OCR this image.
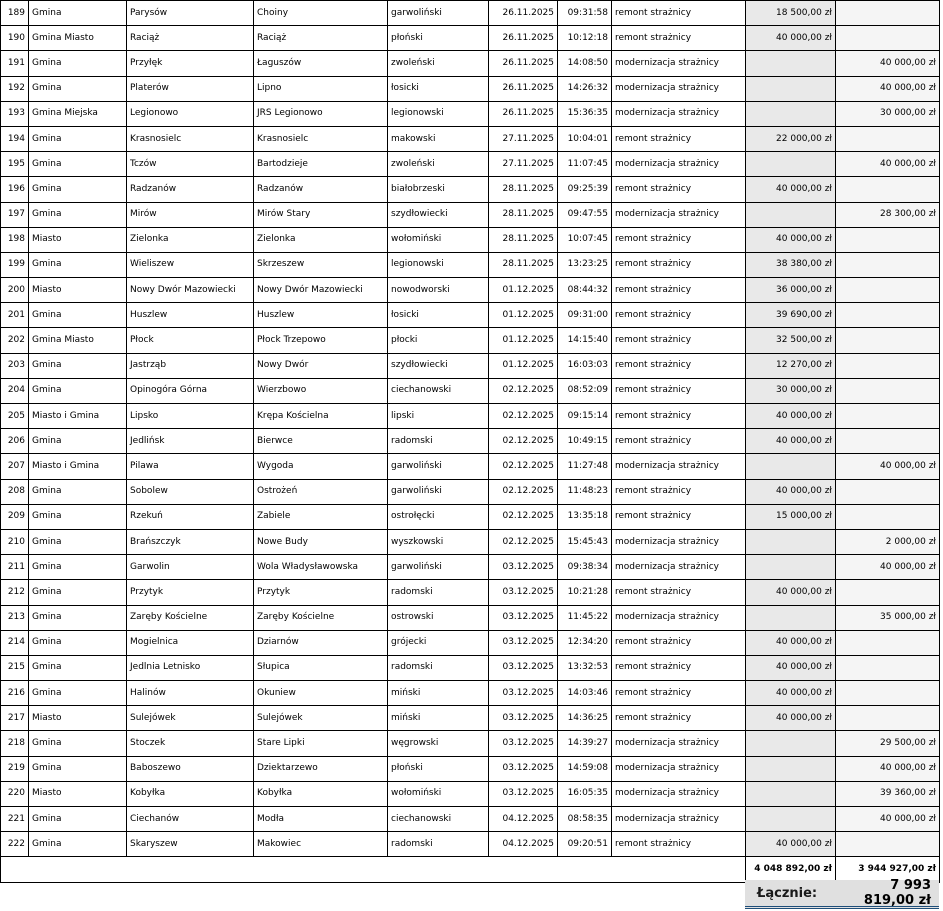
189	Gmina	Parysów	Choiny	garwoliński	26.11.2025	09:31:58	remont strażnicy	18 500,00 zł	
190	Gmina Miasto	Raciąż	Raciąż	płoński	26.11.2025	10:12:18	remont strażnicy	40 000,00 zł	
191	Gmina	Przyłęk	Łaguszów	zwoleński	26.11.2025	14:08:50	modernizacja strażnicy		40 000,00 zł
192	Gmina	Platerów	Lipno	łosicki	26.11.2025	14:26:32	modernizacja strażnicy		40 000,00 zł
193	Gmina Miejska	Legionowo	JRS Legionowo	legionowski	26.11.2025	15:36:35	modernizacja strażnicy		30 000,00 zł
194	Gmina	Krasnosielc	Krasnosielc	makowski	27.11.2025	10:04:01	remont strażnicy	22 000,00 zł	
195	Gmina	Tczów	Bartodzieje	zwoleński	27.11.2025	11:07:45	modernizacja strażnicy		40 000,00 zł
196	Gmina	Radzanów	Radzanów	białobrzeski	28.11.2025	09:25:39	remont strażnicy	40 000,00 zł	
197	Gmina	Mirów	Mirów Stary	szydłowiecki	28.11.2025	09:47:55	modernizacja strażnicy		28 300,00 zł
198	Miasto	Zielonka	Zielonka	wołomiński	28.11.2025	10:07:45	remont strażnicy	40 000,00 zł	
199	Gmina	Wieliszew	Skrzeszew	legionowski	28.11.2025	13:23:25	remont strażnicy	38 380,00 zł	
200	Miasto	Nowy Dwór Mazowiecki	Nowy Dwór Mazowiecki	nowodworski	01.12.2025	08:44:32	remont strażnicy	36 000,00 zł	
201	Gmina	Huszlew	Huszlew	łosicki	01.12.2025	09:31:00	remont strażnicy	39 690,00 zł	
202	Gmina Miasto	Płock	Płock Trzepowo	płocki	01.12.2025	14:15:40	remont strażnicy	32 500,00 zł	
203	Gmina	Jastrząb	Nowy Dwór	szydłowiecki	01.12.2025	16:03:03	remont strażnicy	12 270,00 zł	
204	Gmina	Opinogóra Górna	Wierzbowo	ciechanowski	02.12.2025	08:52:09	remont strażnicy	30 000,00 zł	
205	Miasto i Gmina	Lipsko	Krępa Kościelna	lipski	02.12.2025	09:15:14	remont strażnicy	40 000,00 zł	
206	Gmina	Jedlińsk	Bierwce	radomski	02.12.2025	10:49:15	remont strażnicy	40 000,00 zł	
207	Miasto i Gmina	Pilawa	Wygoda	garwoliński	02.12.2025	11:27:48	modernizacja strażnicy		40 000,00 zł
208	Gmina	Sobolew	Ostrożeń	garwoliński	02.12.2025	11:48:23	remont strażnicy	40 000,00 zł	
209	Gmina	Rzekuń	Zabiele	ostrołęcki	02.12.2025	13:35:18	remont strażnicy	15 000,00 zł	
210	Gmina	Brańszczyk	Nowe Budy	wyszkowski	02.12.2025	15:45:43	modernizacja strażnicy		2 000,00 zł
211	Gmina	Garwolin	Wola Władysławowska	garwoliński	03.12.2025	09:38:34	modernizacja strażnicy		40 000,00 zł
212	Gmina	Przytyk	Przytyk	radomski	03.12.2025	10:21:28	remont strażnicy	40 000,00 zł	
213	Gmina	Zaręby Kościelne	Zaręby Kościelne	ostrowski	03.12.2025	11:45:22	modernizacja strażnicy		35 000,00 zł
214	Gmina	Mogielnica	Dziarnów	grójecki	03.12.2025	12:34:20	remont strażnicy	40 000,00 zł	
215	Gmina	Jedlnia Letnisko	Słupica	radomski	03.12.2025	13:32:53	remont strażnicy	40 000,00 zł	
216	Gmina	Halinów	Okuniew	miński	03.12.2025	14:03:46	remont strażnicy	40 000,00 zł	
217	Miasto	Sulejówek	Sulejówek	miński	03.12.2025	14:36:25	remont strażnicy	40 000,00 zł	
218	Gmina	Stoczek	Stare Lipki	węgrowski	03.12.2025	14:39:27	modernizacja strażnicy		29 500,00 zł
219	Gmina	Baboszewo	Dziektarzewo	płoński	03.12.2025	14:59:08	modernizacja strażnicy		40 000,00 zł
220	Miasto	Kobyłka	Kobyłka	wołomiński	03.12.2025	16:05:35	modernizacja strażnicy		39 360,00 zł
221	Gmina	Ciechanów	Modła	ciechanowski	04.12.2025	08:58:35	modernizacja strażnicy		40 000,00 zł
222	Gmina	Skaryszew	Makowiec	radomski	04.12.2025	09:20:51	remont strażnicy	40 000,00 zł	
								4 048 892,00 zł	3 944 927,00 zł
Łącznie:	7 993 819,00 zł
